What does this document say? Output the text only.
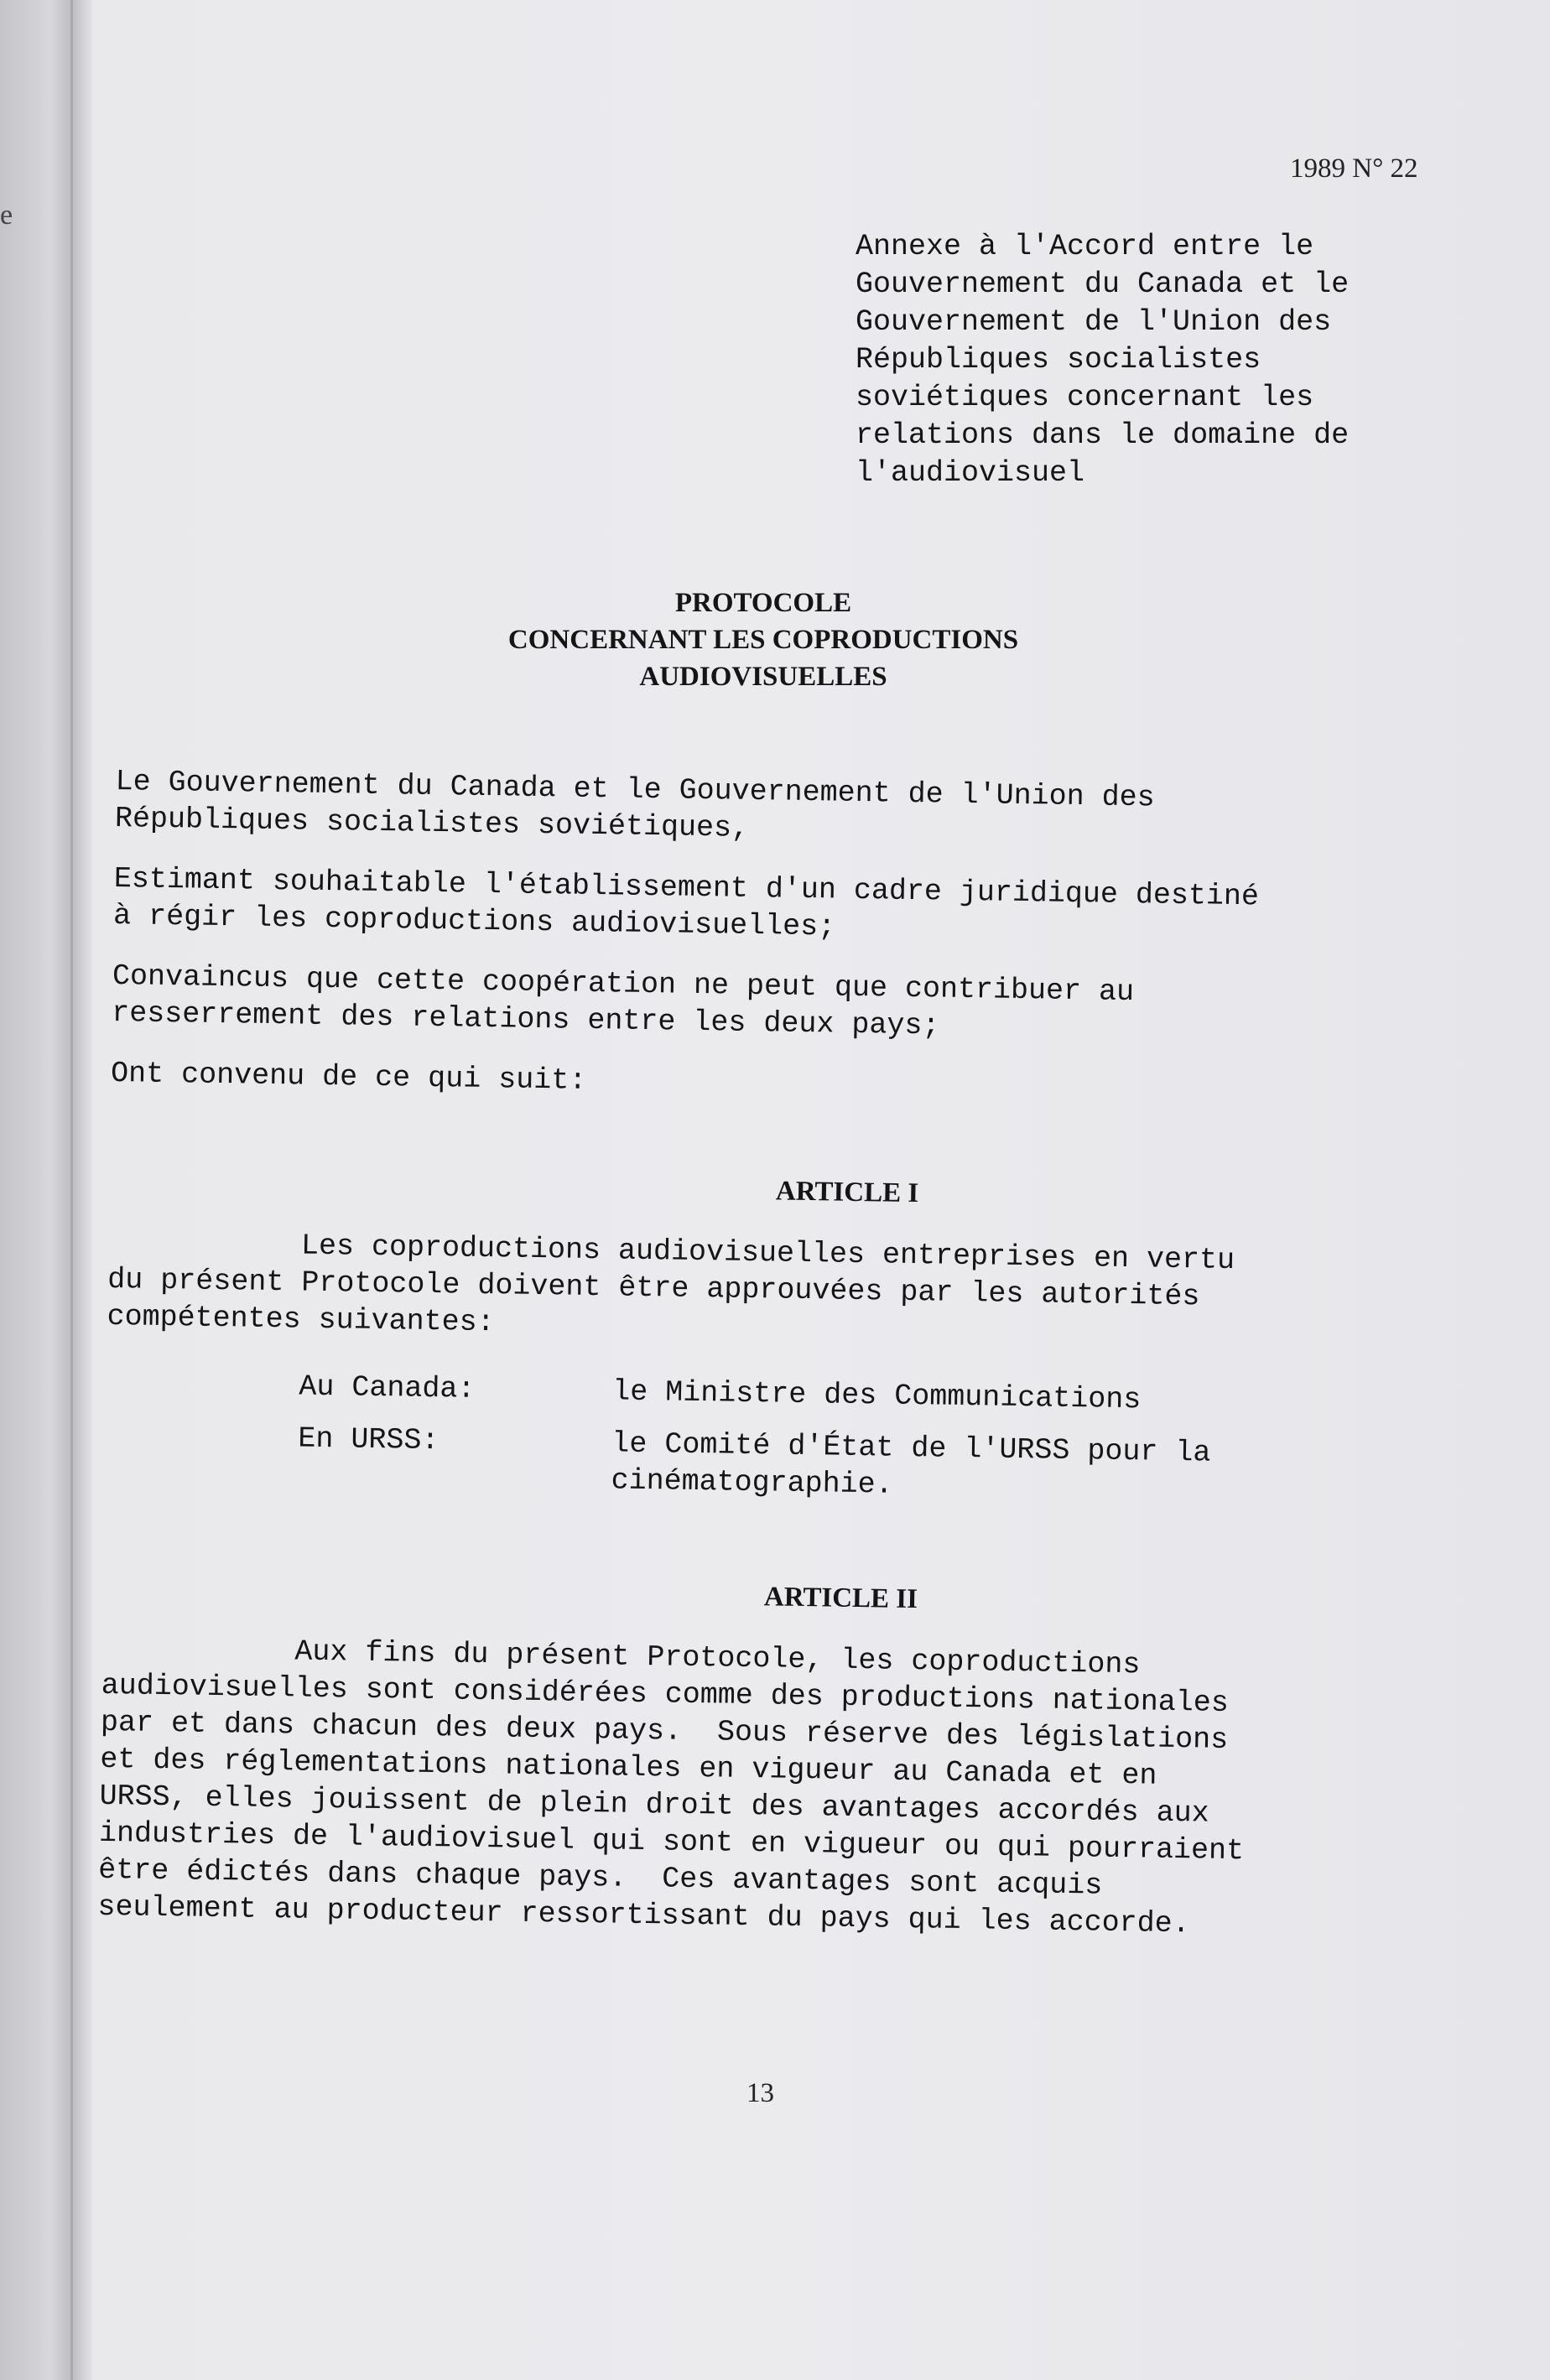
e
1989 N° 22
Annexe à l'Accord entre le
Gouvernement du Canada et le
Gouvernement de l'Union des
Républiques socialistes
soviétiques concernant les
relations dans le domaine de
l'audiovisuel
PROTOCOLE
CONCERNANT LES COPRODUCTIONS
AUDIOVISUELLES

Le Gouvernement du Canada et le Gouvernement de l'Union des
Républiques socialistes soviétiques,

Estimant souhaitable l'établissement d'un cadre juridique destiné
à régir les coproductions audiovisuelles;

Convaincus que cette coopération ne peut que contribuer au
resserrement des relations entre les deux pays;

Ont convenu de ce qui suit:

ARTICLE I
Les coproductions audiovisuelles entreprises en vertu

du présent Protocole doivent être approuvées par les autorités
compétentes suivantes:

Au Canada:	le Ministre des Communications
En URSS:	le Comité d'État de l'URSS pour la
cinématographie.
ARTICLE II
Aux fins du présent Protocole, les coproductions

audiovisuelles sont considérées comme des productions nationales
par et dans chacun des deux pays.  Sous réserve des législations
et des réglementations nationales en vigueur au Canada et en
URSS, elles jouissent de plein droit des avantages accordés aux
industries de l'audiovisuel qui sont en vigueur ou qui pourraient
être édictés dans chaque pays.  Ces avantages sont acquis
seulement au producteur ressortissant du pays qui les accorde.

13
